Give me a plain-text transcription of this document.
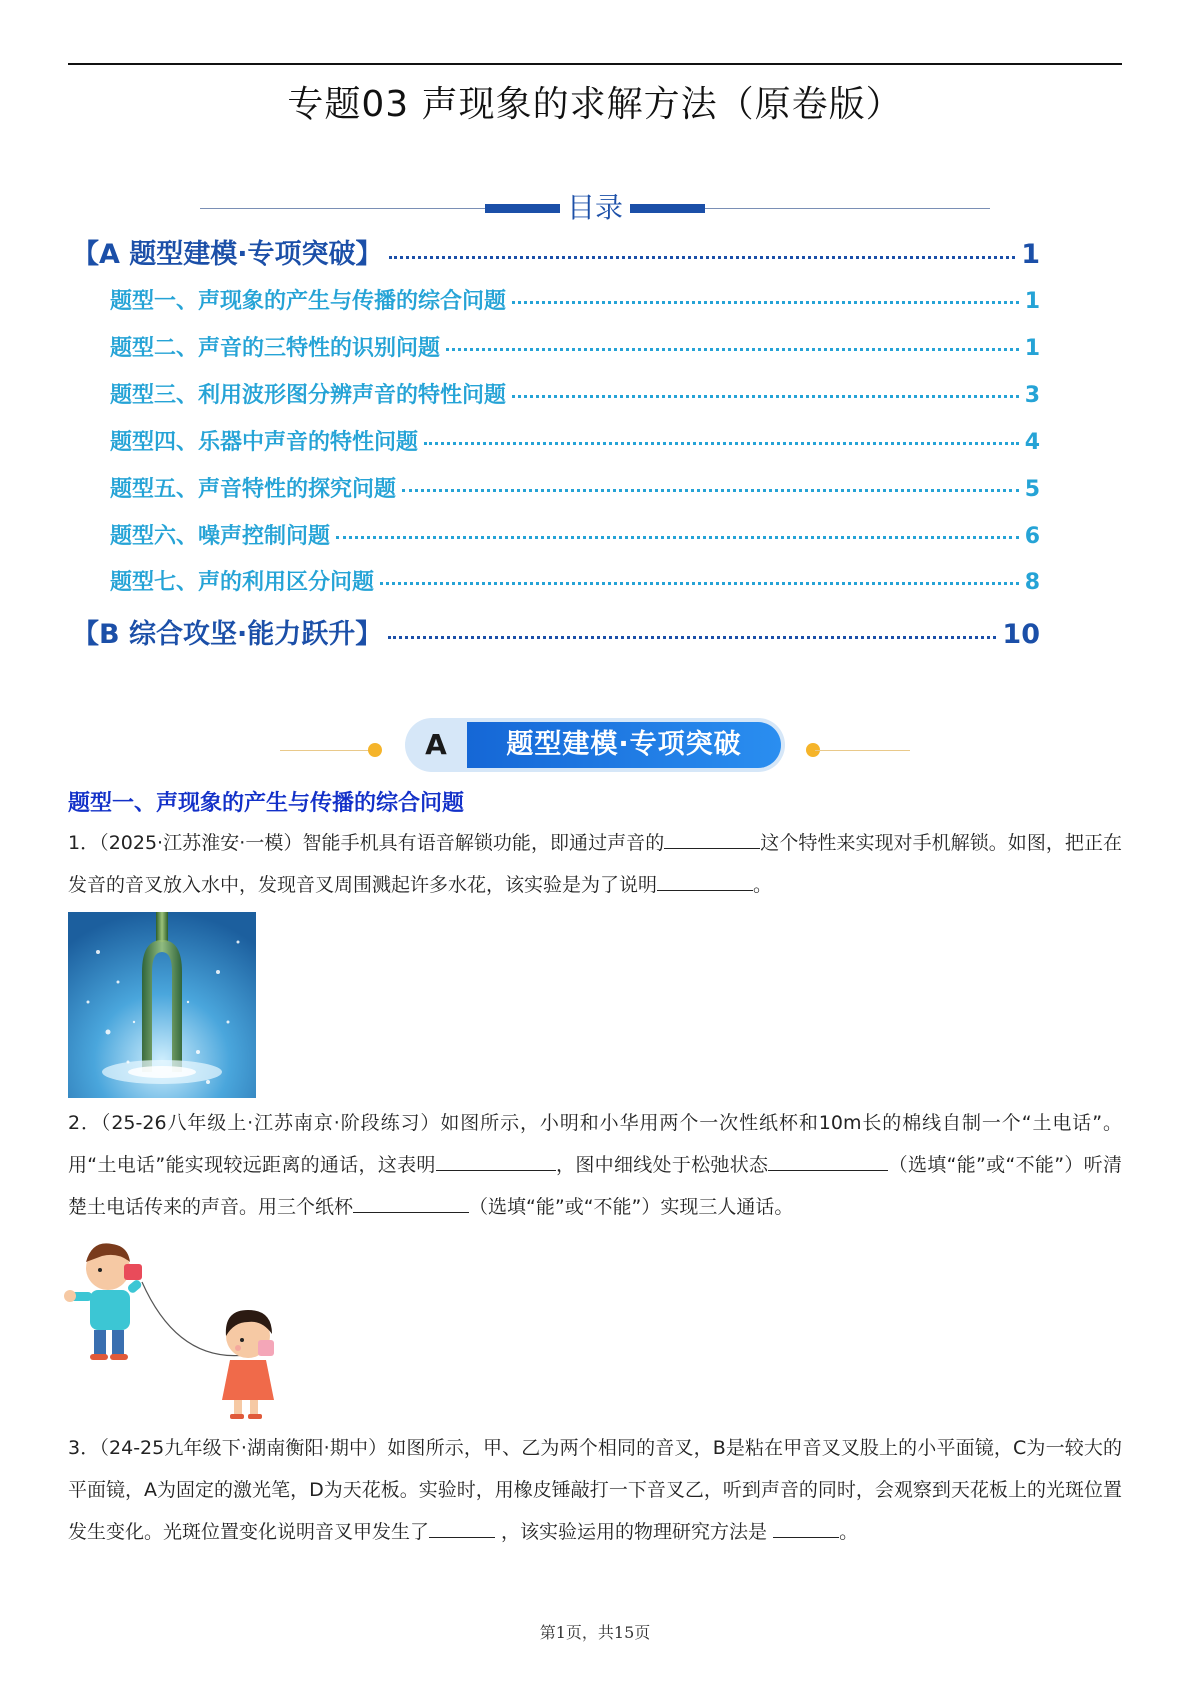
专题03 声现象的求解方法（原卷版）
目录
【A 题型建模·专项突破】	1
题型一、声现象的产生与传播的综合问题	1
题型二、声音的三特性的识别问题	1
题型三、利用波形图分辨声音的特性问题	3
题型四、乐器中声音的特性问题	4
题型五、声音特性的探究问题	5
题型六、噪声控制问题	6
题型七、声的利用区分问题	8
【B 综合攻坚·能力跃升】	10
A	题型建模·专项突破
题型一、声现象的产生与传播的综合问题
1．（2025·江苏淮安·一模）智能手机具有语音解锁功能，即通过声音的	这个特性来实现对手机解锁。如图，把正在发音的音叉放入水中，发现音叉周围溅起许多水花，该实验是为了说明	。
2．（25-26八年级上·江苏南京·阶段练习）如图所示，小明和小华用两个一次性纸杯和10m长的棉线自制一个“土电话”。用“土电话”能实现较远距离的通话，这表明	，图中细线处于松弛状态	（选填“能”或“不能”）听清楚土电话传来的声音。用三个纸杯	（选填“能”或“不能”）实现三人通话。
3．（24-25九年级下·湖南衡阳·期中）如图所示，甲、乙为两个相同的音叉，B是粘在甲音叉叉股上的小平面镜，C为一较大的平面镜，A为固定的激光笔，D为天花板。实验时，用橡皮锤敲打一下音叉乙，听到声音的同时，会观察到天花板上的光斑位置发生变化。光斑位置变化说明音叉甲发生了	，该实验运用的物理研究方法是	。
第1页，共15页
